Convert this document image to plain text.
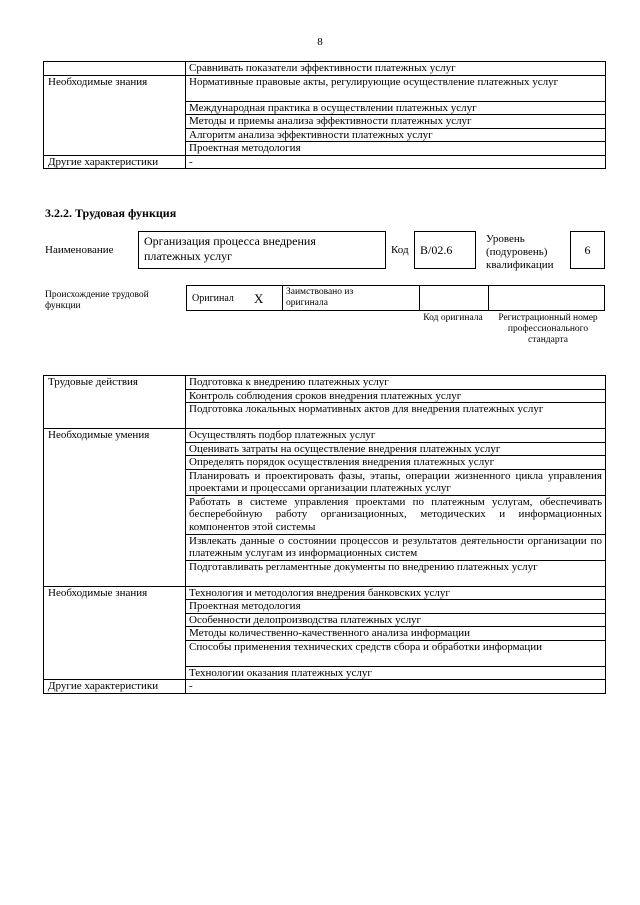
8
	Сравнивать показатели эффективности платежных услуг
Необходимые знания	Нормативные правовые акты, регулирующие осуществление платежных услуг
	Международная практика в осуществлении платежных услуг
	Методы и приемы анализа эффективности платежных услуг
	Алгоритм анализа эффективности платежных услуг
	Проектная методология
Другие характеристики	-
3.2.2. Трудовая функция
Наименование
Организация процесса внедрения платежных услуг	Код B/02.6
Уровень (подуровень) квалификации
6
Происхождение трудовой функции
Оригинал X Заимствовано из оригинала
Код оригинала	Регистрационный номер профессионального стандарта
Трудовые действия	Подготовка к внедрению платежных услуг
	Контроль соблюдения сроков внедрения платежных услуг
	Подготовка локальных нормативных актов для внедрения платежных услуг
Необходимые умения	Осуществлять подбор платежных услуг
	Оценивать затраты на осуществление внедрения платежных услуг
	Определять порядок осуществления внедрения платежных услуг
	Планировать и проектировать фазы, этапы, операции жизненного цикла управления проектами и процессами организации платежных услуг
	Работать в системе управления проектами по платежным услугам, обеспечивать бесперебойную работу организационных, методических и информационных компонентов этой системы
	Извлекать данные о состоянии процессов и результатов деятельности организации по платежным услугам из информационных систем
	Подготавливать регламентные документы по внедрению платежных услуг
Необходимые знания	Технология и методология внедрения банковских услуг
	Проектная методология
	Особенности делопроизводства платежных услуг
	Методы количественно-качественного анализа информации
	Способы применения технических средств сбора и обработки информации
	Технологии оказания платежных услуг
Другие характеристики	-
